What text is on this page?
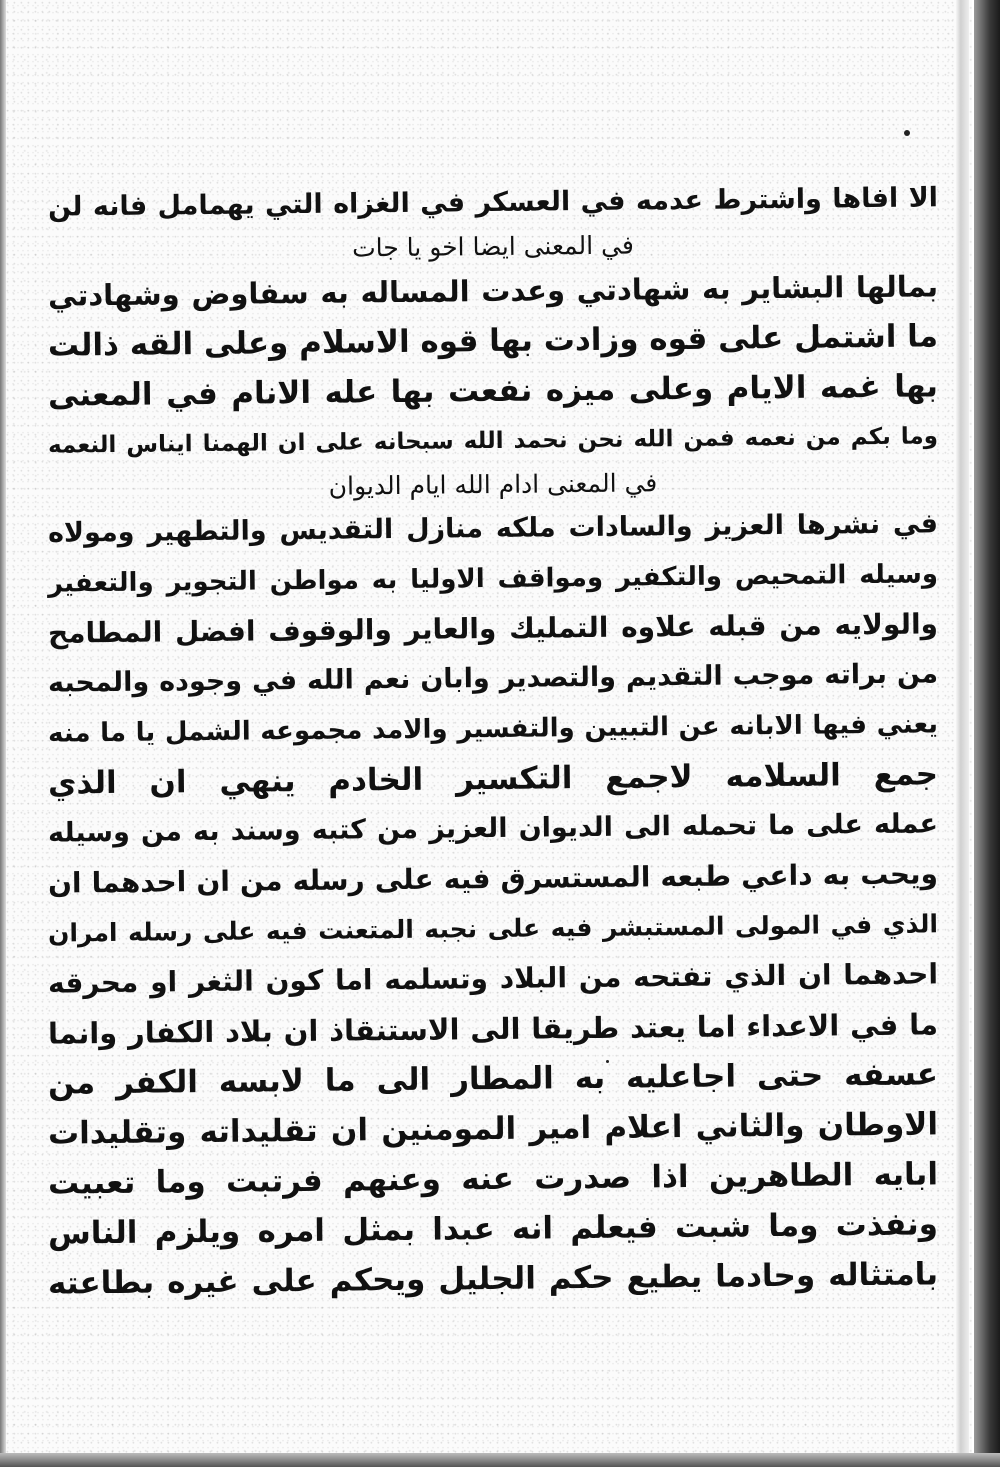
الا افاها واشترط عدمه في العسكر في الغزاه التي يهمامل فانه لن
في المعنى ايضا اخو يا جات
بمالها البشاير به شهادتي وعدت المساله به سفاوض وشهادتي
ما اشتمل على قوه وزادت بها قوه الاسلام وعلى القه ذالت
بها غمه الايام وعلى ميزه نفعت بها عله الانام في المعنى
وما بكم من نعمه فمن الله نحن نحمد الله سبحانه على ان الهمنا ايناس النعمه
في المعنى ادام الله ايام الديوان
في نشرها العزيز والسادات ملكه منازل التقديس والتطهير ومولاه
وسيله التمحيص والتكفير ومواقف الاوليا به مواطن التجوير والتعفير
والولايه من قبله علاوه التمليك والعاير والوقوف افضل المطامح
من براته موجب التقديم والتصدير وابان نعم الله في وجوده والمحبه
يعني فيها الابانه عن التبيين والتفسير والامد مجموعه الشمل يا ما منه
جمع السلامه لاجمع التكسير الخادم ينهي ان الذي
عمله على ما تحمله الى الديوان العزيز من كتبه وسند به من وسيله
ويحب به داعي طبعه المستسرق فيه على رسله من ان احدهما ان
الذي في المولى المستبشر فيه على نجبه المتعنت فيه على رسله امران
احدهما ان الذي تفتحه من البلاد وتسلمه اما كون الثغر او محرقه
ما في الاعداء اما يعتد طريقا الى الاستنقاذ ان بلاد الكفار وانما
عسفه حتى اجاعليه به المطار الى ما لابسه الكفر من
الاوطان والثاني اعلام امير المومنين ان تقليداته وتقليدات
ابايه الطاهرين اذا صدرت عنه وعنهم فرتبت وما تعبيت
ونفذت وما شبت فيعلم انه عبدا بمثل امره ويلزم الناس
بامتثاله وحادما يطيع حكم الجليل ويحكم على غيره بطاعته
